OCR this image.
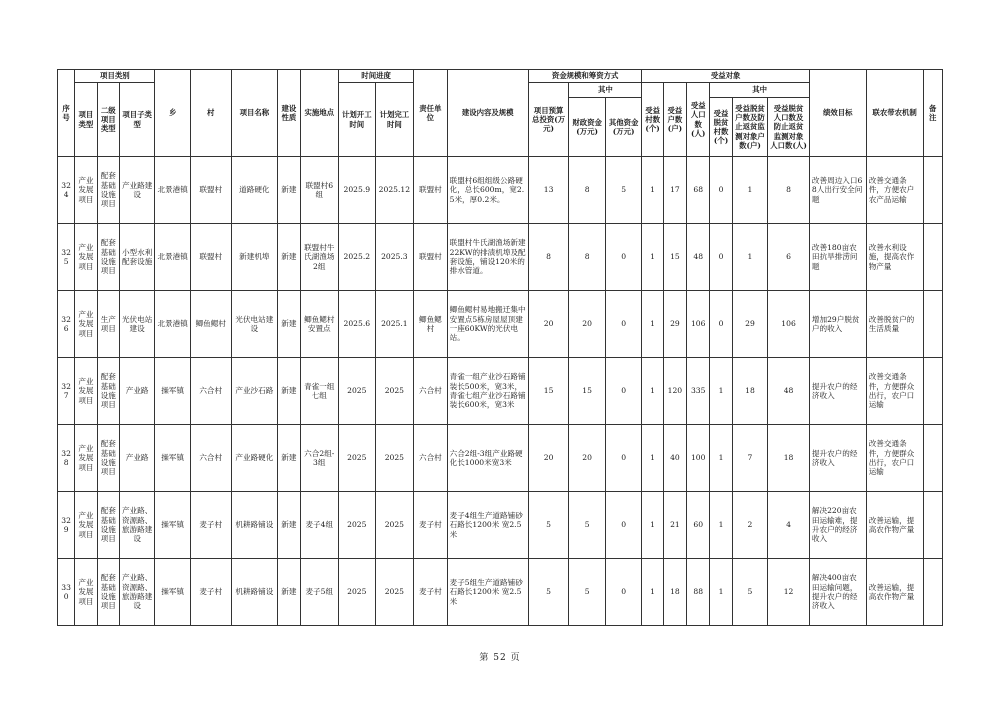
序号	项目类别			乡	村	项目名称	建设性质	实施地点	时间进度		责任单位	建设内容及规模	资金规模和筹资方式			受益对象						绩效目标	联农带农机制	备注
	项目类型	二级项目类型	项目子类型						计划开工时间	计划完工时间			项目预算总投资(万元)	其中		受益村数(个)	受益户数(户)	受益人口数(人)	其中					
														财政资金(万元)	其他资金(万元)				受益脱贫村数(个)	受益脱贫户数及防止返贫监测对象户数(户)	受益脱贫人口数及防止返贫监测对象人口数(人)			
324	产业发展项目	配套基础设施项目	产业路建设	北景港镇	联盟村	道路硬化	新建	联盟村6组	2025.9	2025.12	联盟村	联盟村6组组级公路硬化，总长600m，宽2.5米，厚0.2米。	13	8	5	1	17	68	0	1	8	改善周边入口68人出行安全问题	改善交通条件，方便农户农产品运输	
325	产业发展项目	配套基础设施项目	小型水利配套设施	北景港镇	联盟村	新建机埠	新建	联盟村牛氏湖渔场2组	2025.2	2025.3	联盟村	联盟村牛氏湖渔场新建22KW的排渍机埠及配套设施，铺设120米的排水管道。	8	8	0	1	15	48	0	1	6	改善180亩农田抗旱排涝问题	改善水利设施，提高农作物产量	
326	产业发展项目	生产项目	光伏电站建设	北景港镇	鲫鱼鳃村	光伏电站建设	新建	鲫鱼鳃村安置点	2025.6	2025.1	鲫鱼鳃村	鲫鱼鳃村易地搬迁集中安置点5栋房屋屋顶建一座60KW的光伏电站。	20	20	0	1	29	106	0	29	106	增加29户脱贫户的收入	改善脱贫户的生活质量	
327	产业发展项目	配套基础设施项目	产业路	操军镇	六合村	产业沙石路	新建	青雀一组七组	2025	2025	六合村	青雀一组产业沙石路铺装长500米，宽3米，青雀七组产业沙石路铺装长600米，宽3米	15	15	0	1	120	335	1	18	48	提升农户的经济收入	改善交通条件，方便群众出行，农户口运输	
328	产业发展项目	配套基础设施项目	产业路	操军镇	六合村	产业路硬化	新建	六合2组-3组	2025	2025	六合村	六合2组-3组产业路硬化长1000米宽3米	20	20	0	1	40	100	1	7	18	提升农户的经济收入	改善交通条件，方便群众出行，农户口运输	
329	产业发展项目	配套基础设施项目	产业路、资源路、旅游路建设	操军镇	麦子村	机耕路铺设	新建	麦子4组	2025	2025	麦子村	麦子4组生产道路铺砂石路长1200米 宽2.5米	5	5	0	1	21	60	1	2	4	解决220亩农田运输难，提升农户的经济收入	改善运输，提高农作物产量	
330	产业发展项目	配套基础设施项目	产业路、资源路、旅游路建设	操军镇	麦子村	机耕路铺设	新建	麦子5组	2025	2025	麦子村	麦子5组生产道路铺砂石路长1200米 宽2.5米	5	5	0	1	18	88	1	5	12	解决400亩农田运输问题，提升农户的经济收入	改善运输，提高农作物产量	
第 52 页
